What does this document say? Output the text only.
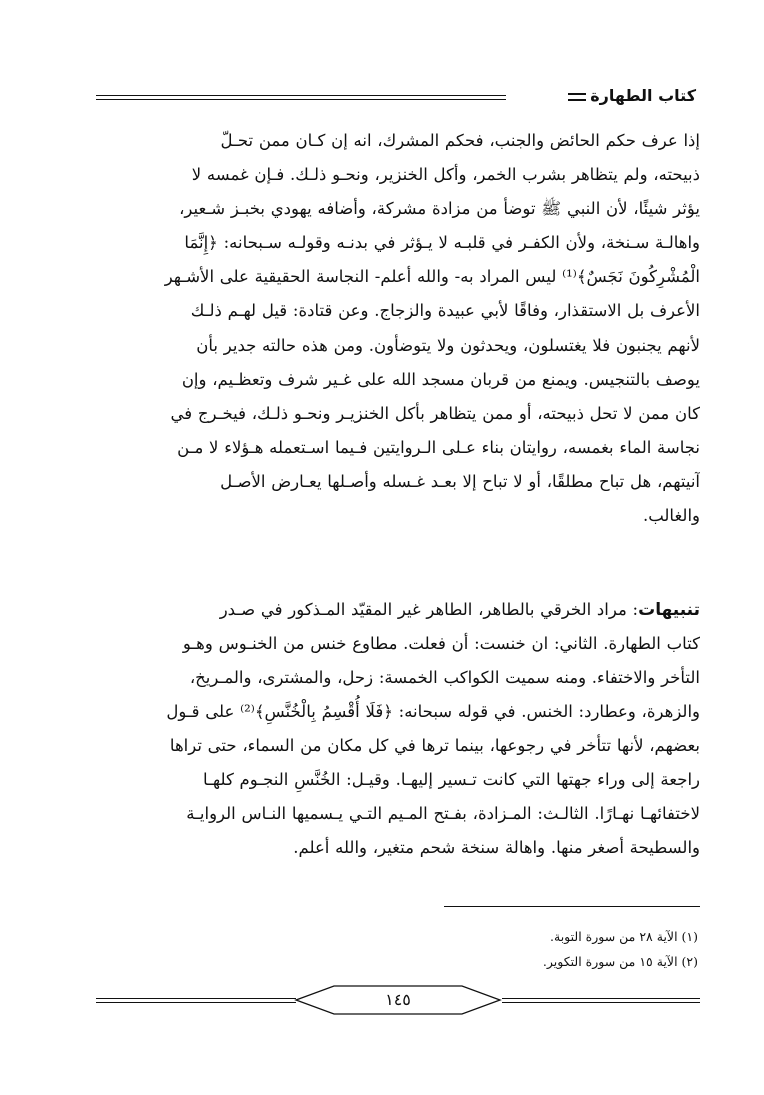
كتاب الطهارة

إذا عرف حكم الحائض والجنب، فحكم المشرك، انه إن كـان ممن تحـلّ

ذبيحته، ولم يتظاهر بشرب الخمر، وأكل الخنزير، ونحـو ذلـك. فـإن غمسه لا

يؤثر شيئًا، لأن النبي ﷺ توضأ من مزادة مشركة، وأضافه يهودي بخبـز شـعير،

واهالـة سـنخة، ولأن الكفـر في قلبـه لا يـؤثر في بدنـه وقولـه سـبحانه: ﴿إِنَّمَا

الْمُشْرِكُونَ نَجَسٌ﴾⁽¹⁾ ليس المراد به- والله أعلم- النجاسة الحقيقية على الأشـهر

الأعرف بل الاستقذار، وفاقًا لأبي عبيدة والزجاج. وعن قتادة: قيل لهـم ذلـك

لأنهم يجنبون فلا يغتسلون، ويحدثون ولا يتوضأون. ومن هذه حالته جدير بأن

يوصف بالتنجيس. ويمنع من قربان مسجد الله على غـير شرف وتعظـيم، وإن

كان ممن لا تحل ذبيحته، أو ممن يتظاهر بأكل الخنزيـر ونحـو ذلـك، فيخـرج في

نجاسة الماء بغمسه، روايتان بناء عـلى الـروايتين فـيما اسـتعمله هـؤلاء لا مـن

آنيتهم، هل تباح مطلقًا، أو لا تباح إلا بعـد غـسله وأصـلها يعـارض الأصـل

والغالب.

تنبيهات: مراد الخرقي بالطاهر، الطاهر غير المقيّد المـذكور في صـدر

كتاب الطهارة. الثاني: ان خنست: أن فعلت. مطاوع خنس من الخنـوس وهـو

التأخر والاختفاء. ومنه سميت الكواكب الخمسة: زحل، والمشترى، والمـريخ،

والزهرة، وعطارد: الخنس. في قوله سبحانه: ﴿فَلَا أُقْسِمُ بِالْخُنَّسِ﴾⁽²⁾ على قـول

بعضهم، لأنها تتأخر في رجوعها، بينما ترها في كل مكان من السماء، حتى تراها

راجعة إلى وراء جهتها التي كانت تـسير إليهـا. وقيـل: الخُنَّسِ النجـوم كلهـا

لاختفائهـا نهـارًا. الثالـث: المـزادة، بفـتح المـيم التـي يـسميها النـاس الروايـة

والسطيحة أصغر منها. واهالة سنخة شحم متغير، والله أعلم.

(١) الآية ٢٨ من سورة التوبة.

(٢) الآية ١٥ من سورة التكوير.

١٤٥
